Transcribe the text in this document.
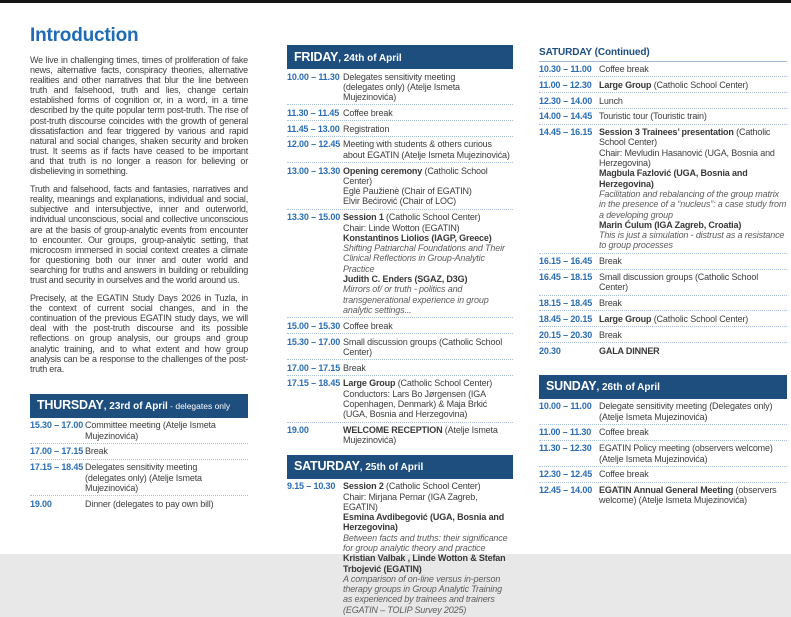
Introduction

We live in challenging times, times of proliferation of fake news, alternative facts, conspiracy theories, alternative realities and other narratives that blur the line between truth and falsehood, truth and lies, change certain established forms of cognition or, in a word, in a time described by the quite popular term post-truth. The rise of post-truth discourse coincides with the growth of general dissatisfaction and fear triggered by various and rapid natural and social changes, shaken security and broken trust. It seems as if facts have ceased to be important and that truth is no longer a reason for believing or disbelieving in something.

Truth and falsehood, facts and fantasies, narratives and reality, meanings and explanations, individual and social, subjective and intersubjective, inner and outerworld, individual unconscious, social and collective unconscious are at the basis of group-analytic events from encounter to encounter. Our groups, group-analytic setting, that microcosm immersed in social context creates a climate for questioning both our inner and outer world and searching for truths and answers in building or rebuilding trust and security in ourselves and the world around us.

Precisely, at the EGATIN Study Days 2026 in Tuzla, in the context of current social changes, and in the continuation of the previous EGATIN study days, we will deal with the post-truth discourse and its possible reflections on group analysis, our groups and group analytic training, and to what extent and how group analysis can be a response to the challenges of the post-truth era.

THURSDAY, 23rd of April - delegates only
15.30 – 17.00 Committee meeting (Atelje Ismeta Mujezinovića)
17.00 – 17.15 Break
17.15 – 18.45 Delegates sensitivity meeting
(delegates only) (Atelje Ismeta Mujezinovića)
19.00	Dinner (delegates to pay own bill)
FRIDAY, 24th of April
10.00 – 11.30 Delegates sensitivity meeting
(delegates only) (Atelje Ismeta Mujezinovića)
11.30 – 11.45 Coffee break
11.45 – 13.00 Registration
12.00 – 12.45 Meeting with students & others curious about EGATIN (Atelje Ismeta Mujezinovića)
13.00 – 13.30 Opening ceremony (Catholic School Center)
Eglė Paužienė (Chair of EGATIN)
Elvir Bećirović (Chair of LOC)
13.30 – 15.00 Session 1 (Catholic School Center)
Chair: Linde Wotton (EGATIN)
Konstantinos Liolios (IAGP, Greece)
Shifting Patriarchal Foundations and Their Clinical Reflections in Group-Analytic Practice
Judith C. Enders (SGAZ, D3G)
Mirrors of/ or truth - politics and transgenerational experience in group analytic settings...
15.00 – 15.30 Coffee break
15.30 – 17.00 Small discussion groups (Catholic School Center)
17.00 – 17.15 Break
17.15 – 18.45 Large Group (Catholic School Center)
Conductors: Lars Bo Jørgensen (IGA Copenhagen, Denmark) & Maja Brkić (UGA, Bosnia and Herzegovina)
19.00	WELCOME RECEPTION (Atelje Ismeta Mujezinovića)
SATURDAY, 25th of April
9.15 – 10.30 Session 2 (Catholic School Center)
Chair: Mirjana Pernar (IGA Zagreb, EGATIN)
Esmina Avdibegović (UGA, Bosnia and Herzegovina)
Between facts and truths: their significance for group analytic theory and practice
Kristian Valbak , Linde Wotton & Stefan Trbojević (EGATIN)
A comparison of on-line versus in-person therapy groups in Group Analytic Training as experienced by trainees and trainers (EGATIN – TOLIP Survey 2025)
SATURDAY (Continued)
10.30 – 11.00 Coffee break
11.00 – 12.30 Large Group (Catholic School Center)
12.30 – 14.00 Lunch
14.00 – 14.45 Touristic tour (Touristic train)
14.45 – 16.15 Session 3 Trainees’ presentation (Catholic School Center)
Chair: Mevludin Hasanović (UGA, Bosnia and Herzegovina)
Magbula Fazlović (UGA, Bosnia and Herzegovina)
Facilitation and rebalancing of the group matrix in the presence of a “nucleus”: a case study from a developing group
Marin Ćulum (IGA Zagreb, Croatia)
This is just a simulation - distrust as a resistance to group processes
16.15 – 16.45 Break
16.45 – 18.15 Small discussion groups (Catholic School Center)
18.15 – 18.45 Break
18.45 – 20.15 Large Group (Catholic School Center)
20.15 – 20.30 Break
20.30	GALA DINNER
SUNDAY, 26th of April
10.00 – 11.00 Delegate sensitivity meeting (Delegates only) (Atelje Ismeta Mujezinovića)
11.00 – 11.30 Coffee break
11.30 – 12.30 EGATIN Policy meeting (observers welcome) (Atelje Ismeta Mujezinovića)
12.30 – 12.45 Coffee break
12.45 – 14.00 EGATIN Annual General Meeting (observers welcome) (Atelje Ismeta Mujezinovića)
